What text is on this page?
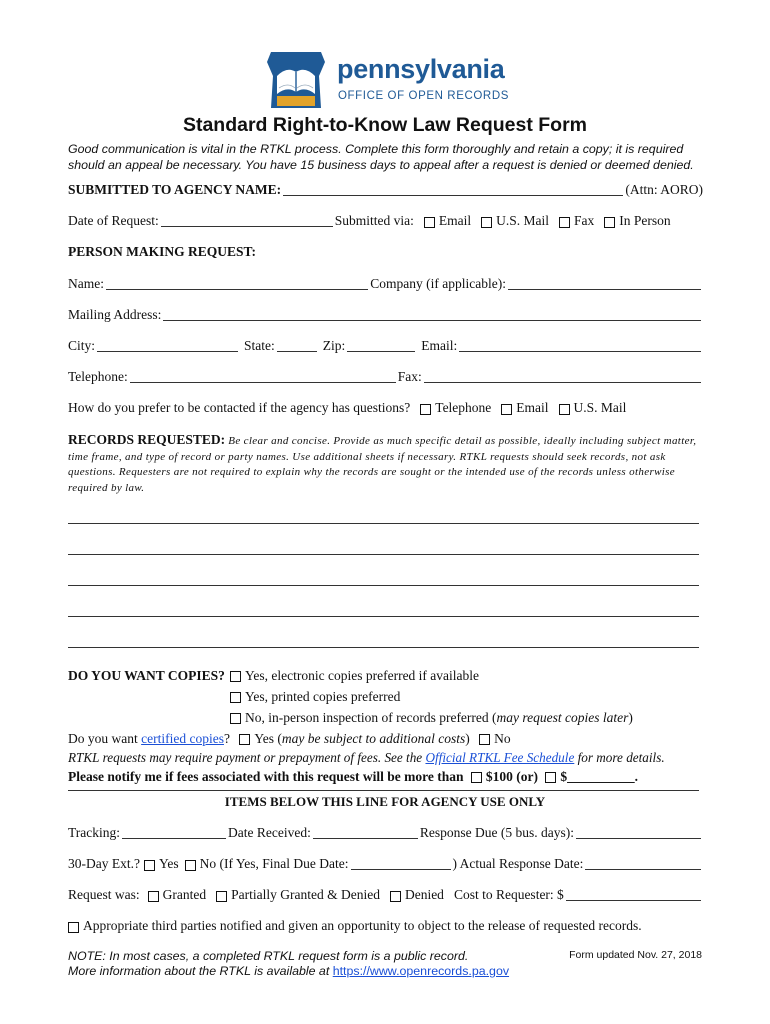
pennsylvania
OFFICE OF OPEN RECORDS
Standard Right-to-Know Law Request Form
Good communication is vital in the RTKL process. Complete this form thoroughly and retain a copy; it is required should an appeal be necessary. You have 15 business days to appeal after a request is denied or deemed denied.
SUBMITTED TO AGENCY NAME:	(Attn: AORO)
Date of Request:	Submitted via: Email U.S. Mail Fax In Person
PERSON MAKING REQUEST:
Name:	Company (if applicable):
Mailing Address:
City:	State:	Zip:	Email:
Telephone:	Fax:
How do you prefer to be contacted if the agency has questions? Telephone Email U.S. Mail
RECORDS REQUESTED: Be clear and concise. Provide as much specific detail as possible, ideally including subject matter, time frame, and type of record or party names. Use additional sheets if necessary. RTKL requests should seek records, not ask questions. Requesters are not required to explain why the records are sought or the intended use of the records unless otherwise required by law.
DO YOU WANT COPIES? Yes, electronic copies preferred if available
Yes, printed copies preferred
No, in-person inspection of records preferred (may request copies later)
Do you want certified copies? Yes (may be subject to additional costs) No
RTKL requests may require payment or prepayment of fees. See the Official RTKL Fee Schedule for more details.
Please notify me if fees associated with this request will be more than $100 (or) $__________.
ITEMS BELOW THIS LINE FOR AGENCY USE ONLY
Tracking:	Date Received:	Response Due (5 bus. days):
30-Day Ext.? Yes No (If Yes, Final Due Date:	) Actual Response Date:
Request was: Granted Partially Granted & Denied Denied Cost to Requester: $
Appropriate third parties notified and given an opportunity to object to the release of requested records.
NOTE: In most cases, a completed RTKL request form is a public record.
More information about the RTKL is available at https://www.openrecords.pa.gov
Form updated Nov. 27, 2018
